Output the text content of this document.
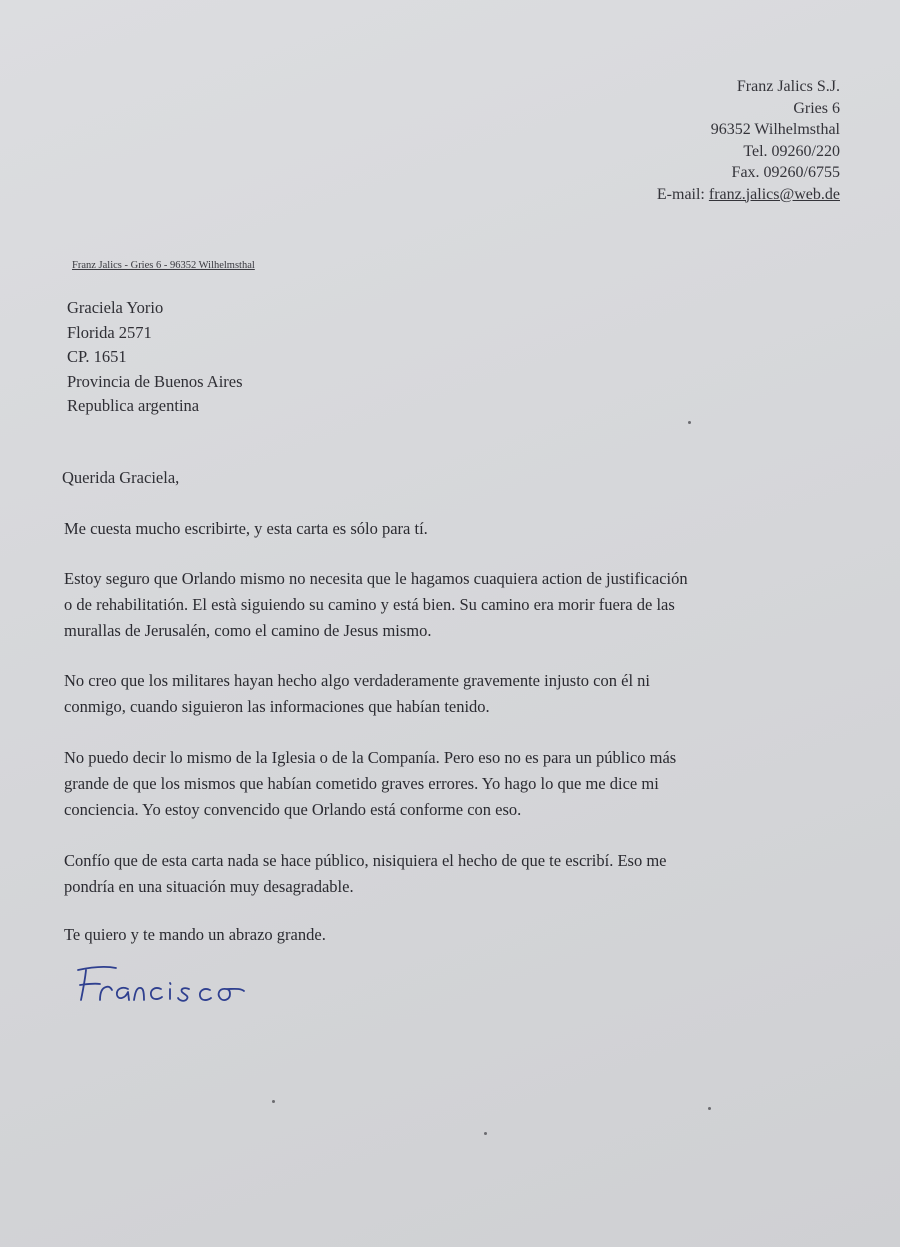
Franz Jalics S.J.
Gries 6
96352 Wilhelmsthal
Tel. 09260/220
Fax. 09260/6755
E-mail: franz.jalics@web.de
Franz Jalics - Gries 6 - 96352 Wilhelmsthal
Graciela Yorio
Florida 2571
CP. 1651
Provincia de Buenos Aires
Republica argentina
Querida Graciela,
Me cuesta mucho escribirte, y esta carta es sólo para tí.
Estoy seguro que Orlando mismo no necesita que le hagamos cuaquiera action de justificación
o de rehabilitatión. El està siguiendo su camino y está bien. Su camino era morir fuera de las
murallas de Jerusalén, como el camino de Jesus mismo.
No creo que los militares hayan hecho algo verdaderamente gravemente injusto con él ni
conmigo, cuando siguieron las informaciones que habían tenido.
No puedo decir lo mismo de la Iglesia o de la Companía. Pero eso no es para un público más
grande de que los mismos que habían cometido graves errores. Yo hago lo que me dice mi
conciencia. Yo estoy convencido que Orlando está conforme con eso.
Confío que de esta carta nada se hace público, nisiquiera el hecho de que te escribí. Eso me
pondría en una situación muy desagradable.
Te quiero y te mando un abrazo grande.
